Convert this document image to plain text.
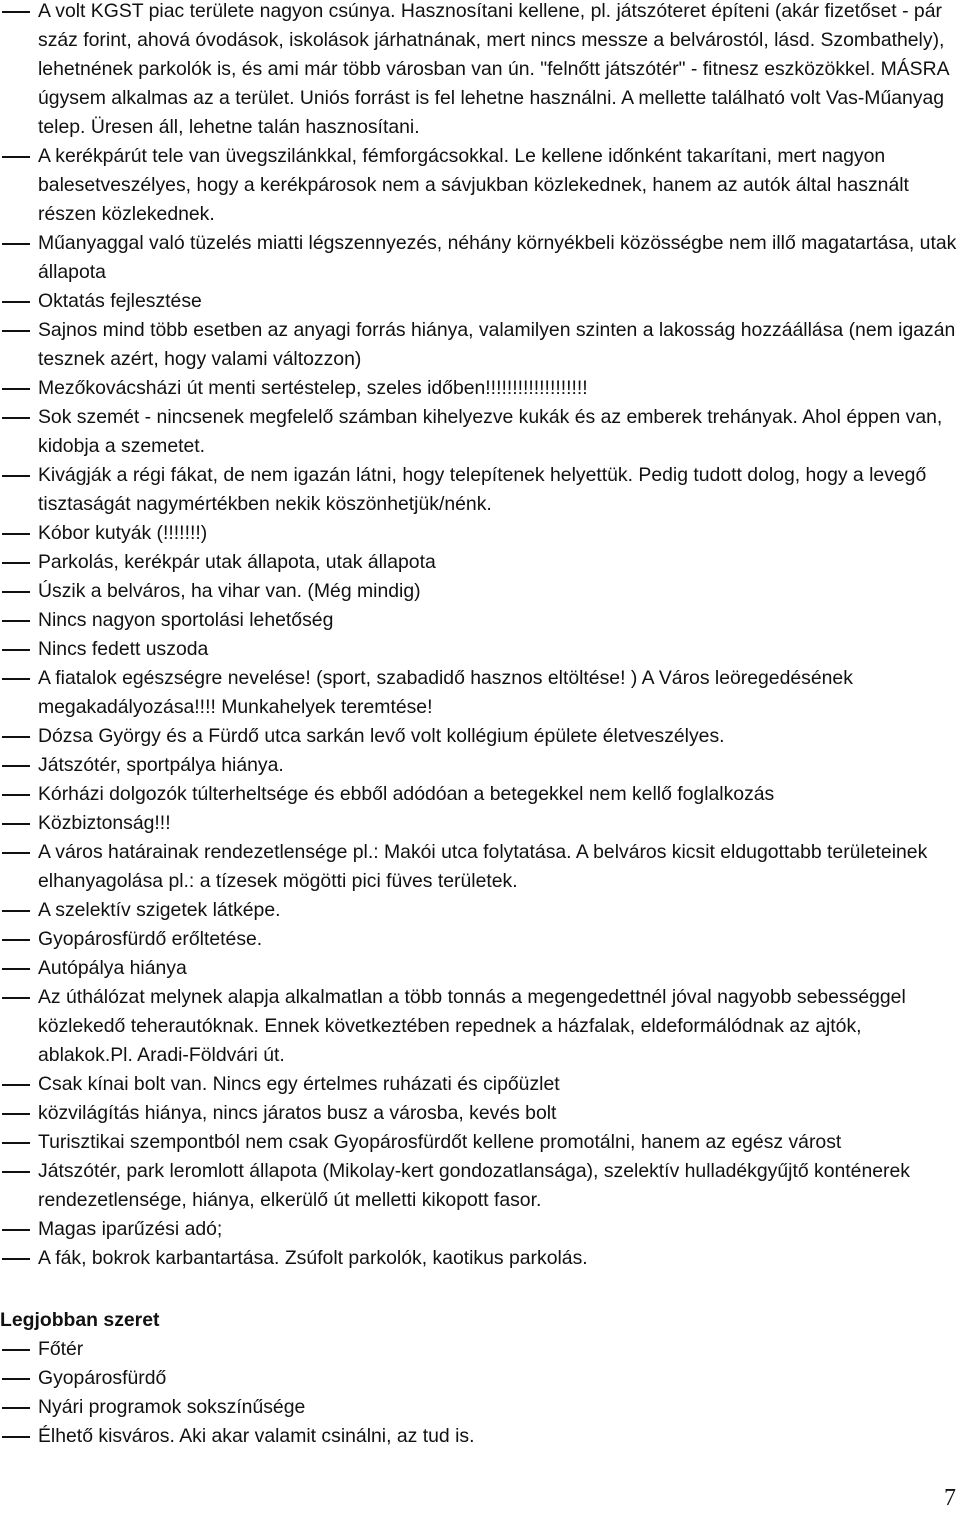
A volt KGST piac területe nagyon csúnya. Hasznosítani kellene, pl. játszóteret építeni (akár fizetőset - pár száz forint, ahová óvodások, iskolások járhatnának, mert nincs messze a belvárostól, lásd. Szombathely), lehetnének parkolók is, és ami már több városban van ún. "felnőtt játszótér" - fitnesz eszközökkel. MÁSRA úgysem alkalmas az a terület. Uniós forrást is fel lehetne használni. A mellette található volt Vas-Műanyag telep. Üresen áll, lehetne talán hasznosítani.
A kerékpárút tele van üvegszilánkkal, fémforgácsokkal. Le kellene időnként takarítani, mert nagyon balesetveszélyes, hogy a kerékpárosok nem a sávjukban közlekednek, hanem az autók által használt részen közlekednek.
Műanyaggal való tüzelés miatti légszennyezés, néhány környékbeli közösségbe nem illő magatartása, utak állapota
Oktatás fejlesztése
Sajnos mind több esetben az anyagi forrás hiánya, valamilyen szinten a lakosság hozzáállása (nem igazán tesznek azért, hogy valami változzon)
Mezőkovácsházi út menti sertéstelep, szeles időben!!!!!!!!!!!!!!!!!!!
Sok szemét - nincsenek megfelelő számban kihelyezve kukák és az emberek trehányak. Ahol éppen van, kidobja a szemetet.
Kivágják a régi fákat, de nem igazán látni, hogy telepítenek helyettük. Pedig tudott dolog, hogy a levegő tisztaságát nagymértékben nekik köszönhetjük/nénk.
Kóbor kutyák (!!!!!!!)
Parkolás, kerékpár utak állapota, utak állapota
Úszik a belváros, ha vihar van. (Még mindig)
Nincs nagyon sportolási lehetőség
Nincs fedett uszoda
A fiatalok egészségre nevelése! (sport, szabadidő hasznos eltöltése! ) A Város leöregedésének megakadályozása!!!! Munkahelyek teremtése!
Dózsa György és a Fürdő utca sarkán levő volt kollégium épülete életveszélyes.
Játszótér, sportpálya hiánya.
Kórházi dolgozók túlterheltsége és ebből adódóan a betegekkel nem kellő foglalkozás
Közbiztonság!!!
A város határainak rendezetlensége pl.: Makói utca folytatása. A belváros kicsit eldugottabb területeinek elhanyagolása pl.: a tízesek mögötti pici füves területek.
A szelektív szigetek látképe.
Gyopárosfürdő erőltetése.
Autópálya hiánya
Az úthálózat melynek alapja alkalmatlan a több tonnás a megengedettnél jóval nagyobb sebességgel közlekedő teherautóknak. Ennek következtében repednek a házfalak, eldeformálódnak az ajtók, ablakok.Pl. Aradi-Földvári út.
Csak kínai bolt van. Nincs egy értelmes ruházati és cipőüzlet
közvilágítás hiánya, nincs járatos busz a városba, kevés bolt
Turisztikai szempontból nem csak Gyopárosfürdőt kellene promotálni, hanem az egész várost
Játszótér, park leromlott állapota (Mikolay-kert gondozatlansága), szelektív hulladékgyűjtő konténerek rendezetlensége, hiánya, elkerülő út melletti kikopott fasor.
Magas iparűzési adó;
A fák, bokrok karbantartása. Zsúfolt parkolók, kaotikus parkolás.
Legjobban szeret
Főtér
Gyopárosfürdő
Nyári programok sokszínűsége
Élhető kisváros. Aki akar valamit csinálni, az tud is.
7
